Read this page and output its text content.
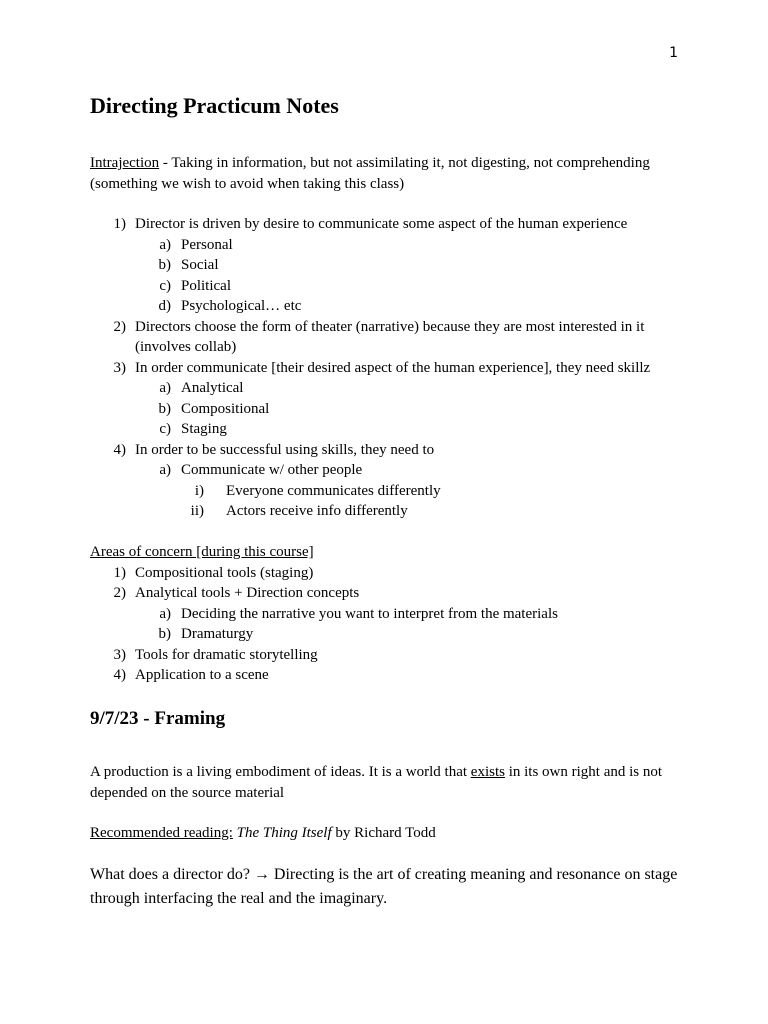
1
Directing Practicum Notes

Intrajection - Taking in information, but not assimilating it, not digesting, not comprehending (something we wish to avoid when taking this class)

1) Director is driven by desire to communicate some aspect of the human experience
a) Personal
b) Social
c) Political
d) Psychological… etc
2) Directors choose the form of theater (narrative) because they are most interested in it
(involves collab)
3) In order communicate [their desired aspect of the human experience], they need skillz
a) Analytical
b) Compositional
c) Staging
4) In order to be successful using skills, they need to
a) Communicate w/ other people
i) Everyone communicates differently
ii) Actors receive info differently

Areas of concern [during this course]

1) Compositional tools (staging)
2) Analytical tools + Direction concepts
a) Deciding the narrative you want to interpret from the materials
b) Dramaturgy
3) Tools for dramatic storytelling
4) Application to a scene
9/7/23 - Framing

A production is a living embodiment of ideas. It is a world that exists in its own right and is not depended on the source material

Recommended reading: The Thing Itself by Richard Todd

What does a director do? → Directing is the art of creating meaning and resonance on stage through interfacing the real and the imaginary.
